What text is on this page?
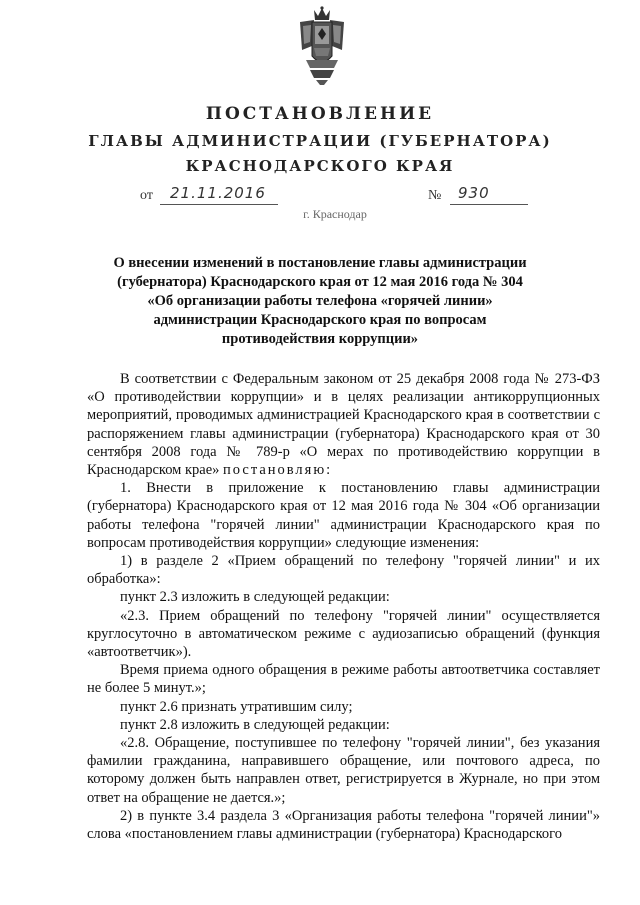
ПОСТАНОВЛЕНИЕ
ГЛАВЫ АДМИНИСТРАЦИИ (ГУБЕРНАТОРА)
КРАСНОДАРСКОГО КРАЯ
от 21.11.2016	№ 930
г. Краснодар
О внесении изменений в постановление главы администрации
(губернатора) Краснодарского края от 12 мая 2016 года № 304
«Об организации работы телефона «горячей линии»
администрации Краснодарского края по вопросам
противодействия коррупции»

В соответствии с Федеральным законом от 25 декабря 2008 года № 273-ФЗ «О противодействии коррупции» и в целях реализации антикоррупционных мероприятий, проводимых администрацией Краснодарского края в соответствии с распоряжением главы администрации (губернатора) Краснодарского края от 30 сентября 2008 года № 789-р «О мерах по противодействию коррупции в Краснодарском крае» постановляю:

1. Внести в приложение к постановлению главы администрации (губернатора) Краснодарского края от 12 мая 2016 года № 304 «Об организации работы телефона "горячей линии" администрации Краснодарского края по вопросам противодействия коррупции» следующие изменения:

1) в разделе 2 «Прием обращений по телефону "горячей линии" и их обработка»:

пункт 2.3 изложить в следующей редакции:

«2.3. Прием обращений по телефону "горячей линии" осуществляется круглосуточно в автоматическом режиме с аудиозаписью обращений (функция «автоответчик»).

Время приема одного обращения в режиме работы автоответчика составляет не более 5 минут.»;

пункт 2.6 признать утратившим силу;

пункт 2.8 изложить в следующей редакции:

«2.8. Обращение, поступившее по телефону "горячей линии", без указания фамилии гражданина, направившего обращение, или почтового адреса, по которому должен быть направлен ответ, регистрируется в Журнале, но при этом ответ на обращение не дается.»;

2) в пункте 3.4 раздела 3 «Организация работы телефона "горячей линии"» слова «постановлением главы администрации (губернатора) Краснодарского
